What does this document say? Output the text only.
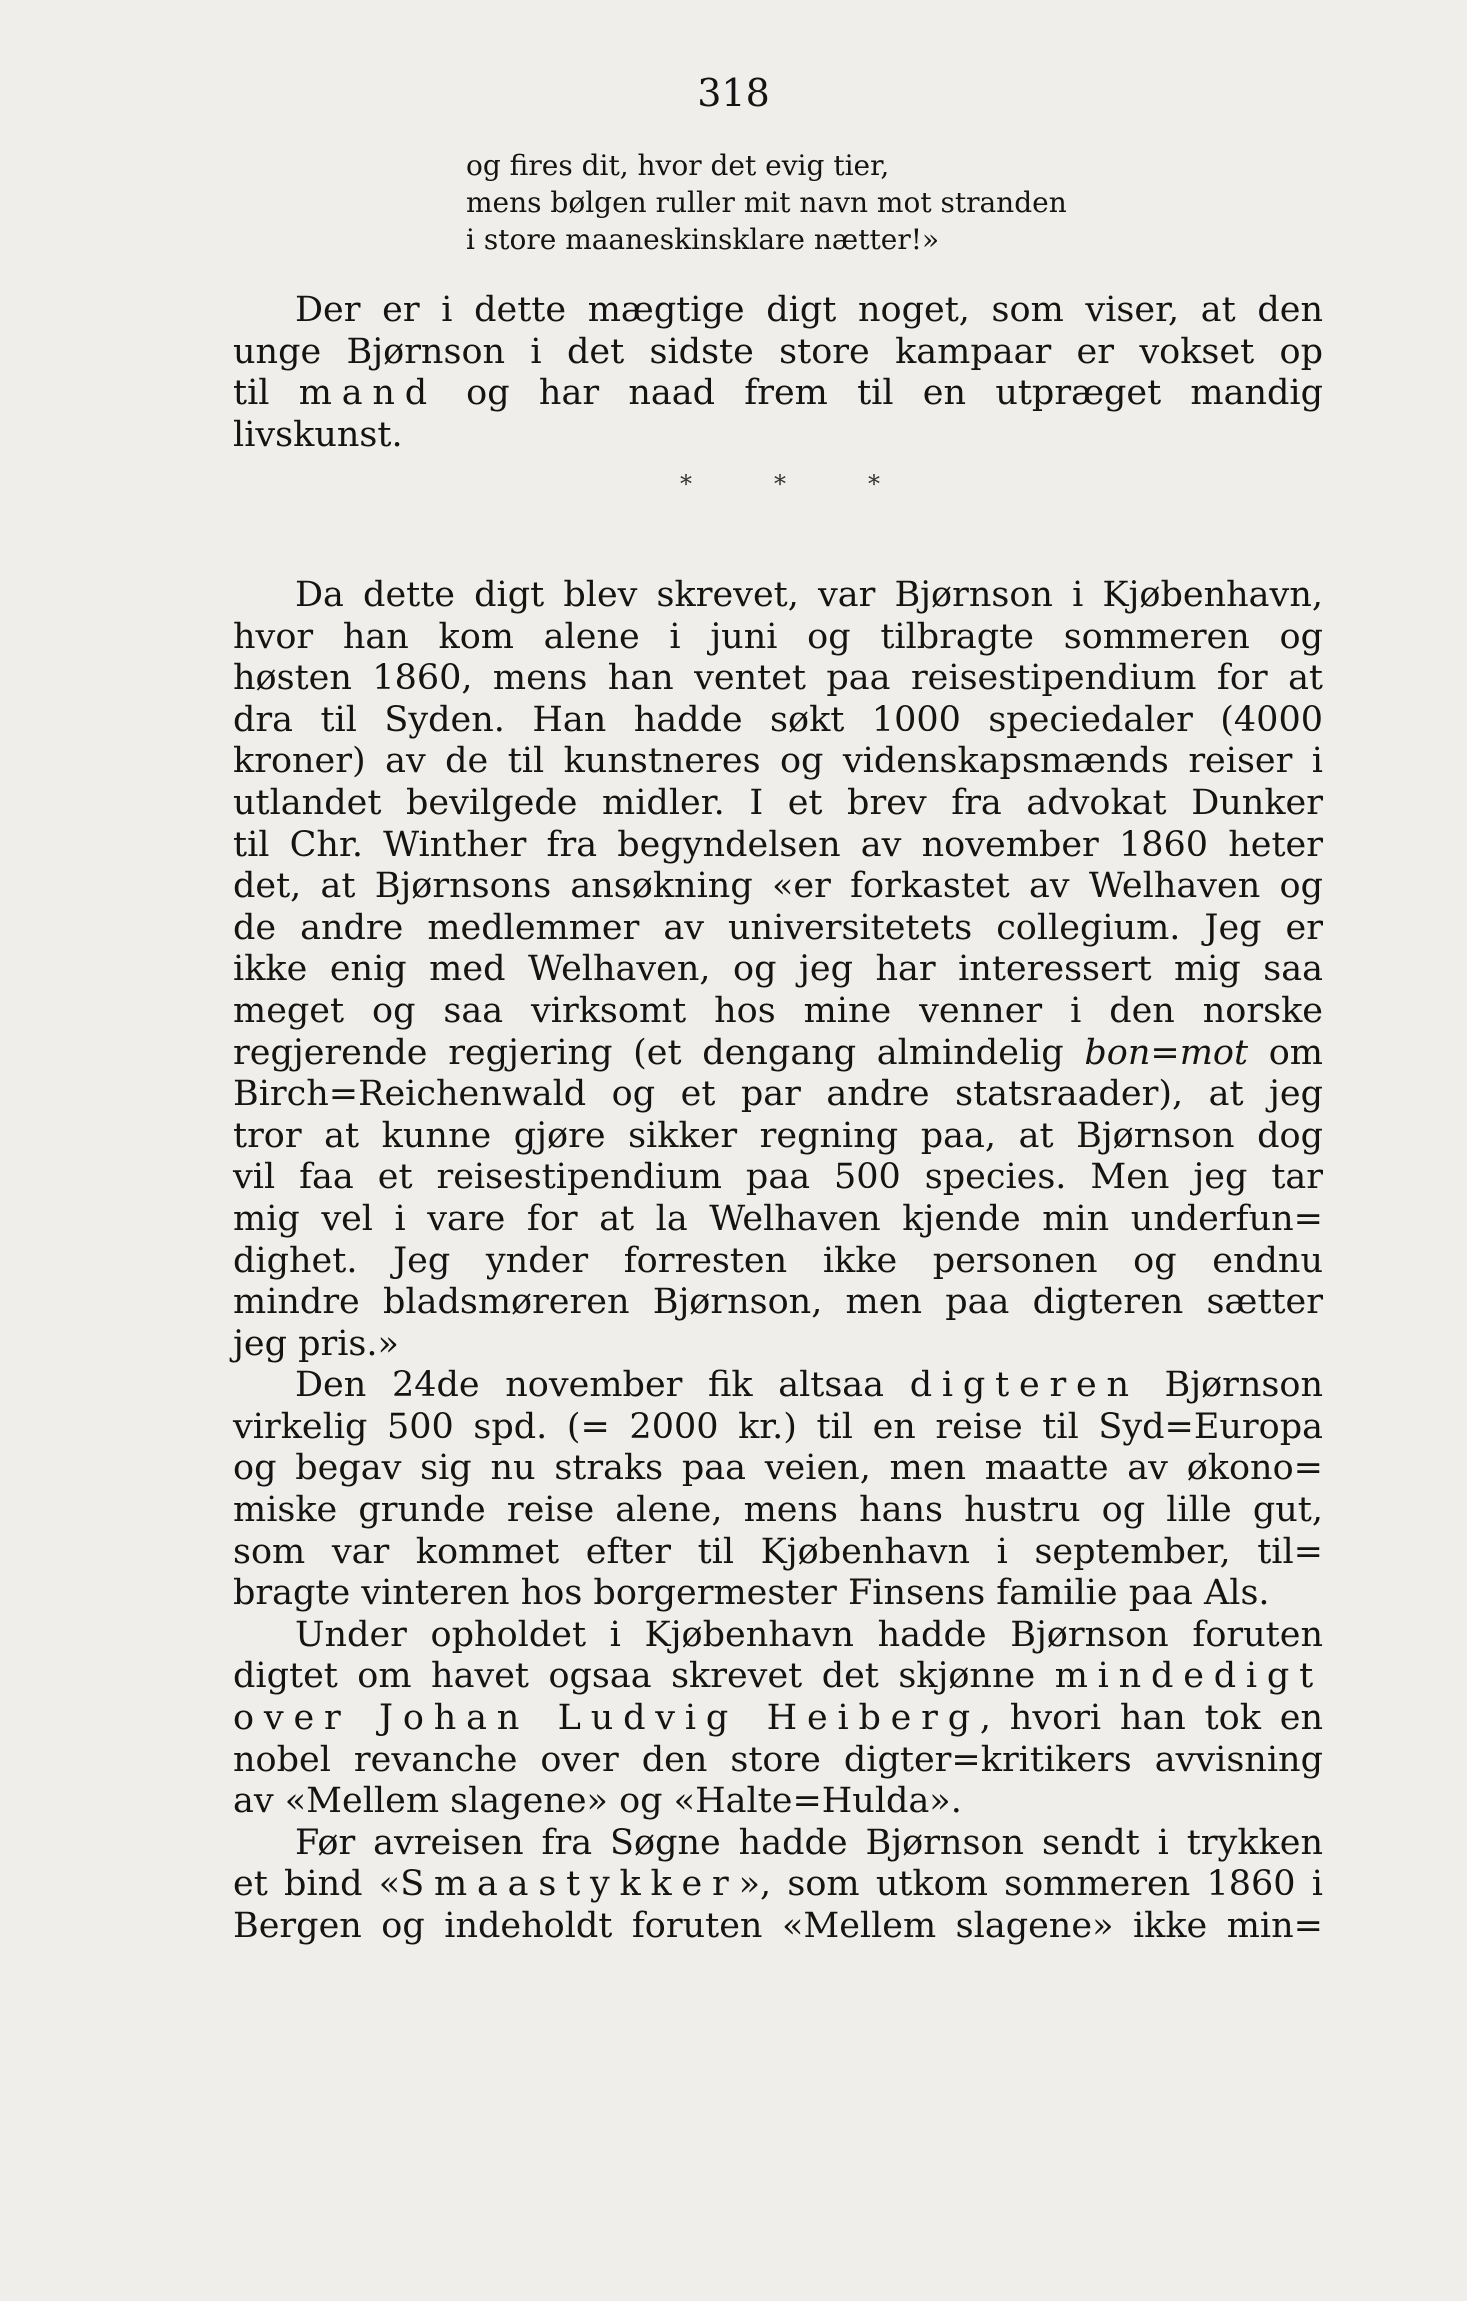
318
og fires dit, hvor det evig tier,
mens bølgen ruller mit navn mot stranden
i store maaneskinsklare nætter!»
Der er i dette mægtige digt noget, som viser, at den
unge Bjørnson i det sidste store kampaar er vokset op
til mand og har naad frem til en utpræget mandig
livskunst.
*	*	*
Da dette digt blev skrevet, var Bjørnson i Kjøbenhavn,
hvor han kom alene i juni og tilbragte sommeren og
høsten 1860, mens han ventet paa reisestipendium for at
dra til Syden. Han hadde søkt 1000 speciedaler (4000
kroner) av de til kunstneres og videnskapsmænds reiser i
utlandet bevilgede midler. I et brev fra advokat Dunker
til Chr. Winther fra begyndelsen av november 1860 heter
det, at Bjørnsons ansøkning «er forkastet av Welhaven og
de andre medlemmer av universitetets collegium. Jeg er
ikke enig med Welhaven, og jeg har interessert mig saa
meget og saa virksomt hos mine venner i den norske
regjerende regjering (et dengang almindelig bon=mot om
Birch=Reichenwald og et par andre statsraader), at jeg
tror at kunne gjøre sikker regning paa, at Bjørnson dog
vil faa et reisestipendium paa 500 species. Men jeg tar
mig vel i vare for at la Welhaven kjende min underfun=
dighet. Jeg ynder forresten ikke personen og endnu
mindre bladsmøreren Bjørnson, men paa digteren sætter
jeg pris.»
Den 24de november fik altsaa digteren Bjørnson
virkelig 500 spd. (= 2000 kr.) til en reise til Syd=Europa
og begav sig nu straks paa veien, men maatte av økono=
miske grunde reise alene, mens hans hustru og lille gut,
som var kommet efter til Kjøbenhavn i september, til=
bragte vinteren hos borgermester Finsens familie paa Als.
Under opholdet i Kjøbenhavn hadde Bjørnson foruten
digtet om havet ogsaa skrevet det skjønne mindedigt
over Johan Ludvig Heiberg, hvori han tok en
nobel revanche over den store digter=kritikers avvisning
av «Mellem slagene» og «Halte=Hulda».
Før avreisen fra Søgne hadde Bjørnson sendt i trykken
et bind «Smaastykker», som utkom sommeren 1860 i
Bergen og indeholdt foruten «Mellem slagene» ikke min=
